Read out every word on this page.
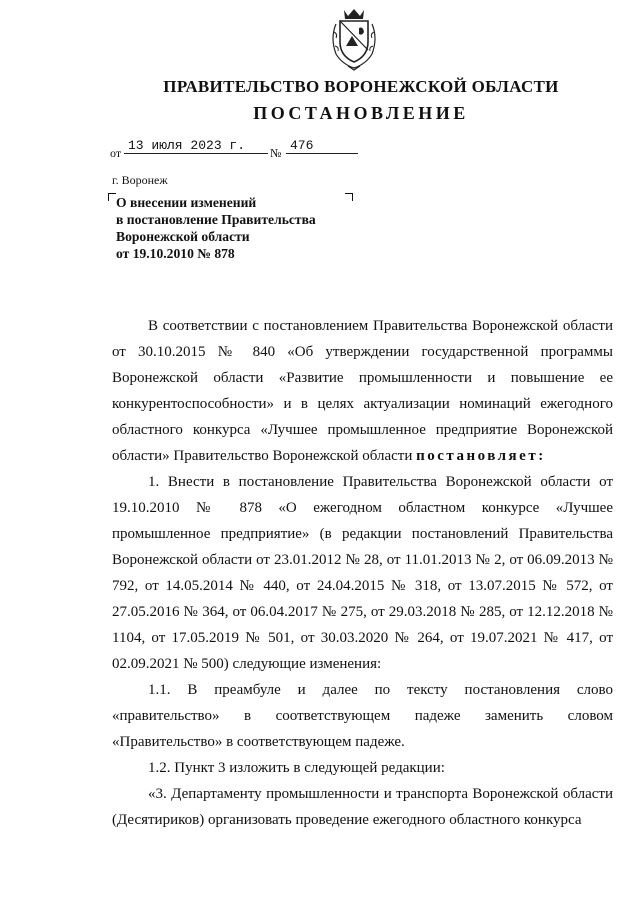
ПРАВИТЕЛЬСТВО ВОРОНЕЖСКОЙ ОБЛАСТИ
ПОСТАНОВЛЕНИЕ
от 13 июля 2023 г.	№ 476
г. Воронеж
О внесении изменений
в постановление Правительства
Воронежской области
от 19.10.2010 № 878

В соответствии с постановлением Правительства Воронежской области от 30.10.2015 № 840 «Об утверждении государственной программы Воронежской области «Развитие промышленности и повышение ее конкурентоспособности» и в целях актуализации номинаций ежегодного областного конкурса «Лучшее промышленное предприятие Воронежской области» Правительство Воронежской области постановляет:

1. Внести в постановление Правительства Воронежской области от 19.10.2010 № 878 «О ежегодном областном конкурсе «Лучшее промышленное предприятие» (в редакции постановлений Правительства Воронежской области от 23.01.2012 № 28, от 11.01.2013 № 2, от 06.09.2013 № 792, от 14.05.2014 № 440, от 24.04.2015 № 318, от 13.07.2015 № 572, от 27.05.2016 № 364, от 06.04.2017 № 275, от 29.03.2018 № 285, от 12.12.2018 № 1104, от 17.05.2019 № 501, от 30.03.2020 № 264, от 19.07.2021 № 417, от 02.09.2021 № 500) следующие изменения:

1.1. В преамбуле и далее по тексту постановления слово «правительство» в соответствующем падеже заменить словом «Правительство» в соответствующем падеже.

1.2. Пункт 3 изложить в следующей редакции:

«3. Департаменту промышленности и транспорта Воронежской области (Десятириков) организовать проведение ежегодного областного конкурса
